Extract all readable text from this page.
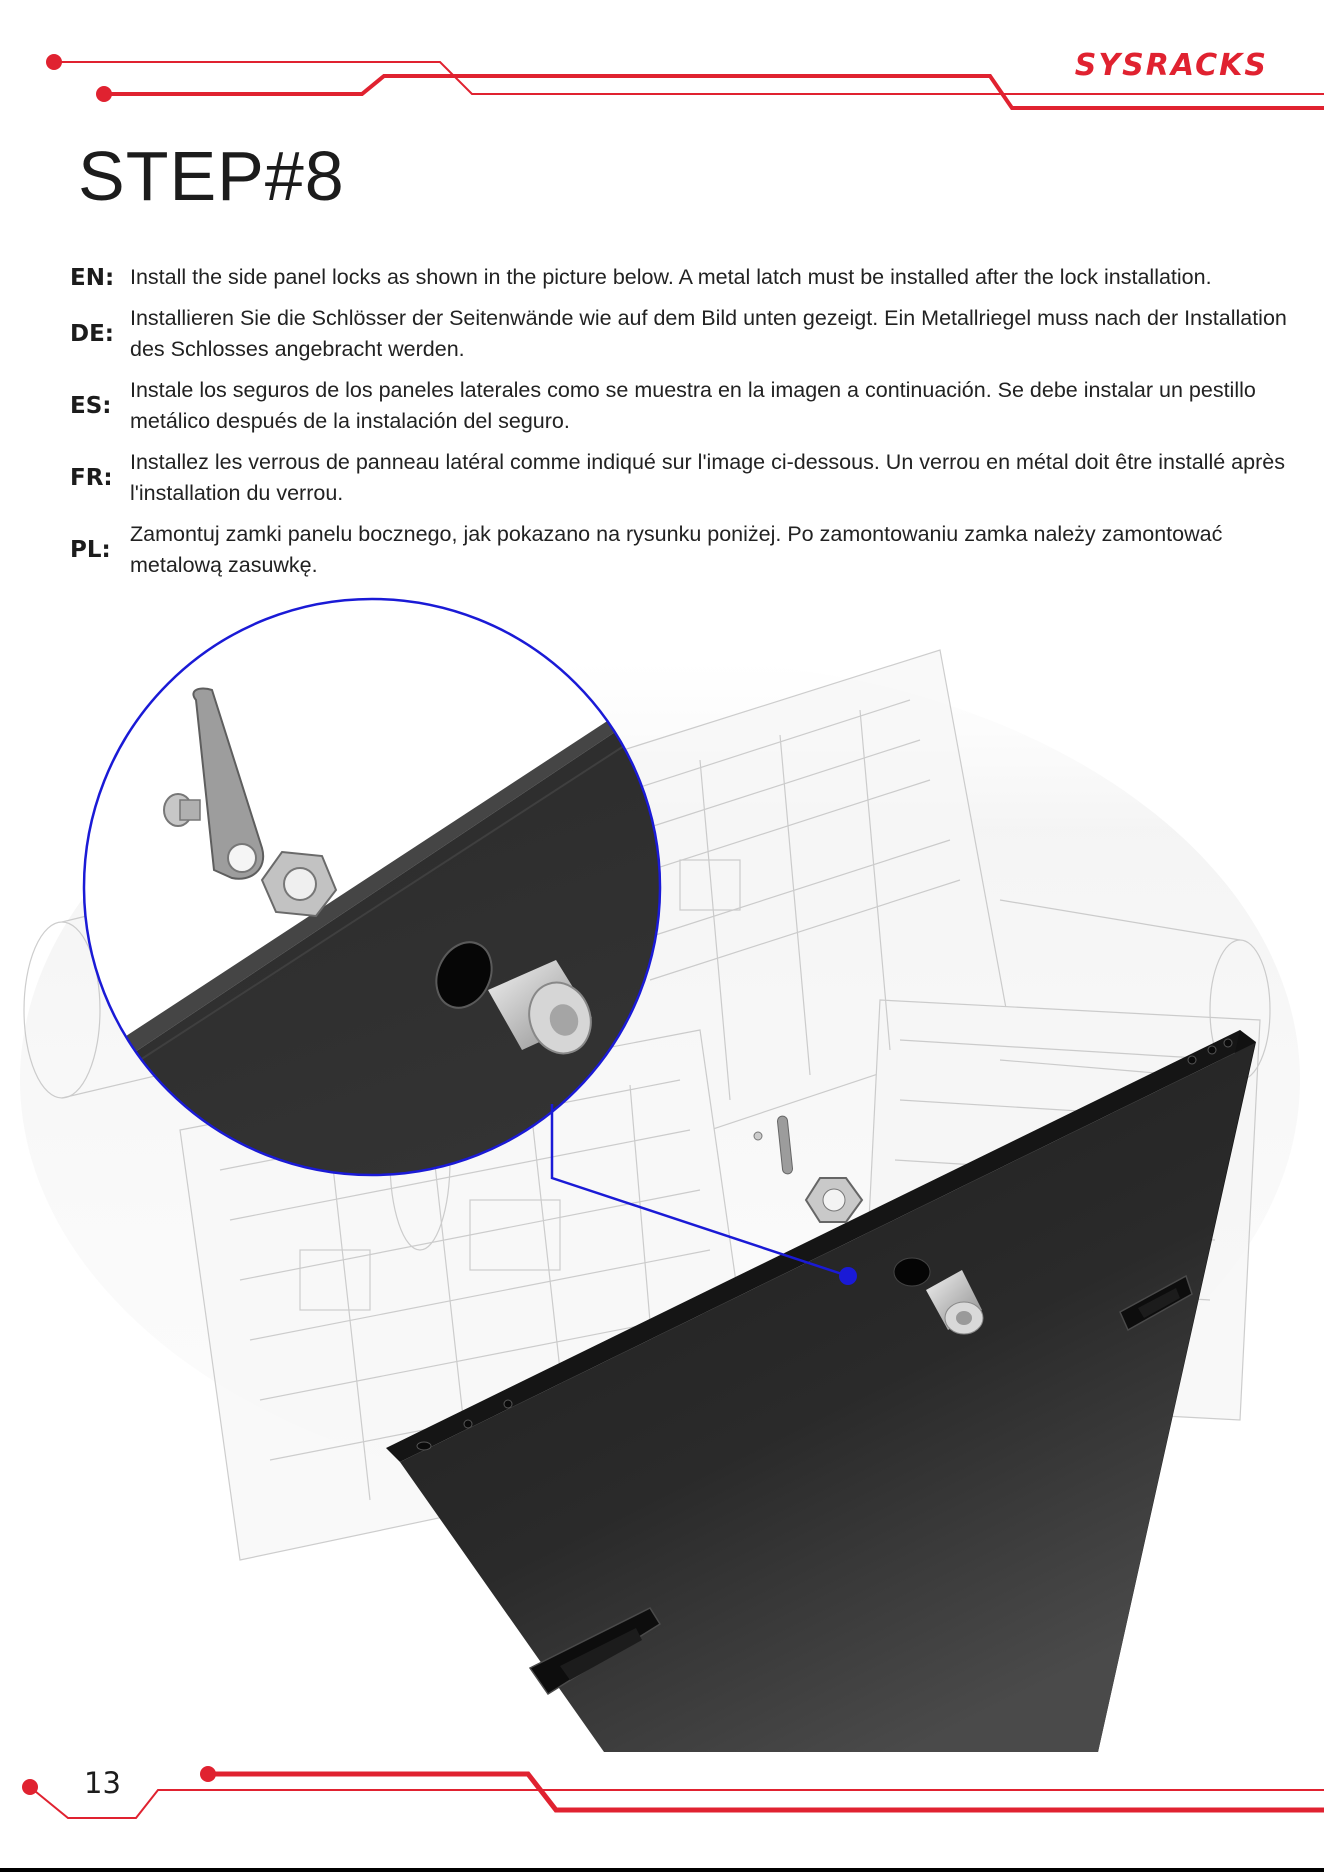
SYSRACKS
STEP#8
EN: Install the side panel locks as shown in the picture below. A metal latch must be installed after the lock installation.
DE:
Installieren Sie die Schlösser der Seitenwände wie auf dem Bild unten gezeigt. Ein Metallriegel muss nach der Installation des Schlosses angebracht werden.
ES:
Instale los seguros de los paneles laterales como se muestra en la imagen a continuación. Se debe instalar un pestillo metálico después de la instalación del seguro.
FR:
Installez les verrous de panneau latéral comme indiqué sur l'image ci-dessous. Un verrou en métal doit être installé après l'installation du verrou.
PL:
Zamontuj zamki panelu bocznego, jak pokazano na rysunku poniżej. Po zamontowaniu zamka należy zamontować metalową zasuwkę.
13
